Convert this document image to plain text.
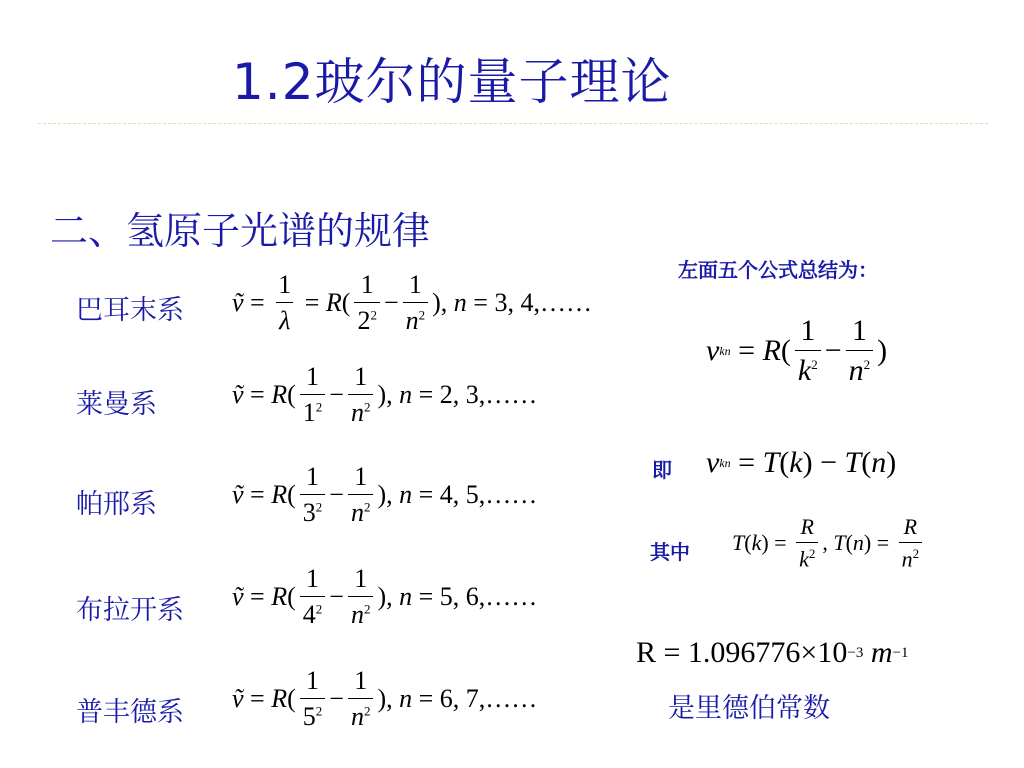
1.2玻尔的量子理论
二、氢原子光谱的规律
巴耳末系 ṽ = $\frac{1}{\lambda} = R$ ( $\frac{1}{2^2} - \frac{1}{n^2}$ ), n = 3, 4, ……
莱曼系	ṽ = R ( $\frac{1}{1^2} - \frac{1}{n^2}$ ), n = 2, 3, ……
帕邢系	ṽ = R ( $\frac{1}{3^2} - \frac{1}{n^2}$ ), n = 4, 5, ……
布拉开系 ṽ = R ( $\frac{1}{4^2} - \frac{1}{n^2}$ ), n = 5, 6, ……
普丰德系 ṽ = R ( $\frac{1}{5^2} - \frac{1}{n^2}$ ), n = 6, 7, ……
左面五个公式总结为：
ν kn = R ( $\frac{1}{k^2} - \frac{1}{n^2}$ )
即 ν kn = T ( k ) − T ( n )
其中 T ( k ) = $\frac{R}{k^2}$ , T ( n ) = $\frac{R}{n^2}$
R = 1.096776×10 −3
m −1
是里德伯常数
